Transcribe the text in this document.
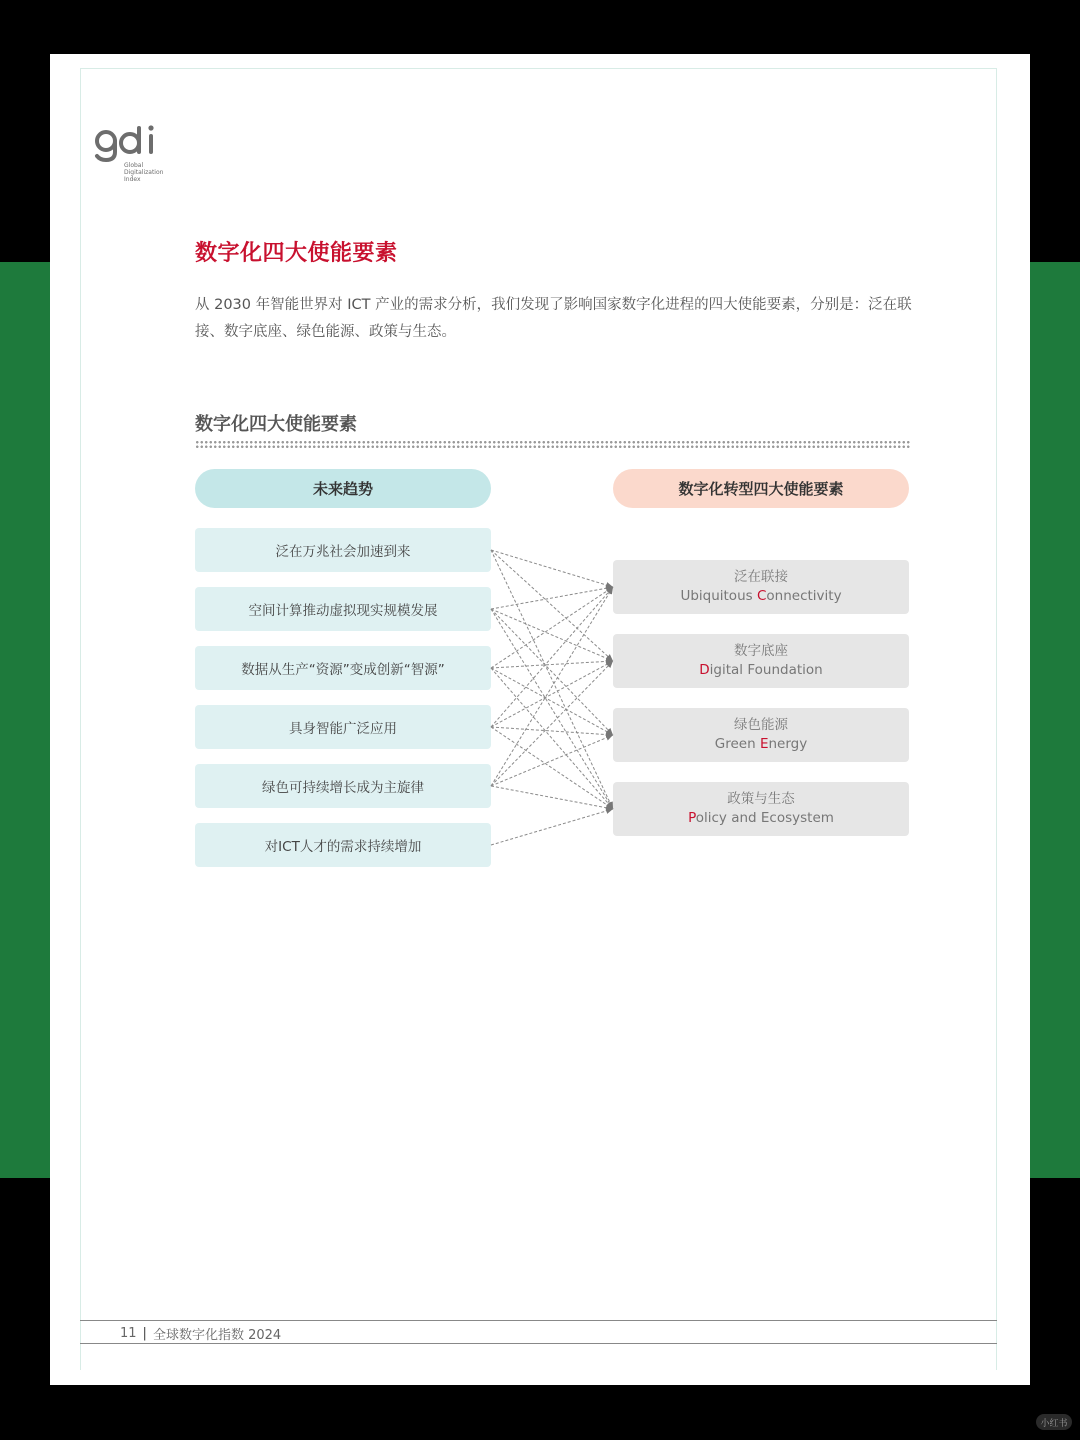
Global
Digitalization
Index
数字化四大使能要素
从 2030 年智能世界对 ICT 产业的需求分析，我们发现了影响国家数字化进程的四大使能要素，分别是：泛在联接、数字底座、绿色能源、政策与生态。
数字化四大使能要素
未来趋势	数字化转型四大使能要素
泛在万兆社会加速到来
空间计算推动虚拟现实规模发展
数据从生产“资源”变成创新“智源”
具身智能广泛应用
绿色可持续增长成为主旋律
对ICT人才的需求持续增加
泛在联接
Ubiquitous Connectivity
数字底座
Digital Foundation
绿色能源
Green Energy
政策与生态
Policy and Ecosystem
11 | 全球数字化指数 2024
小红书
